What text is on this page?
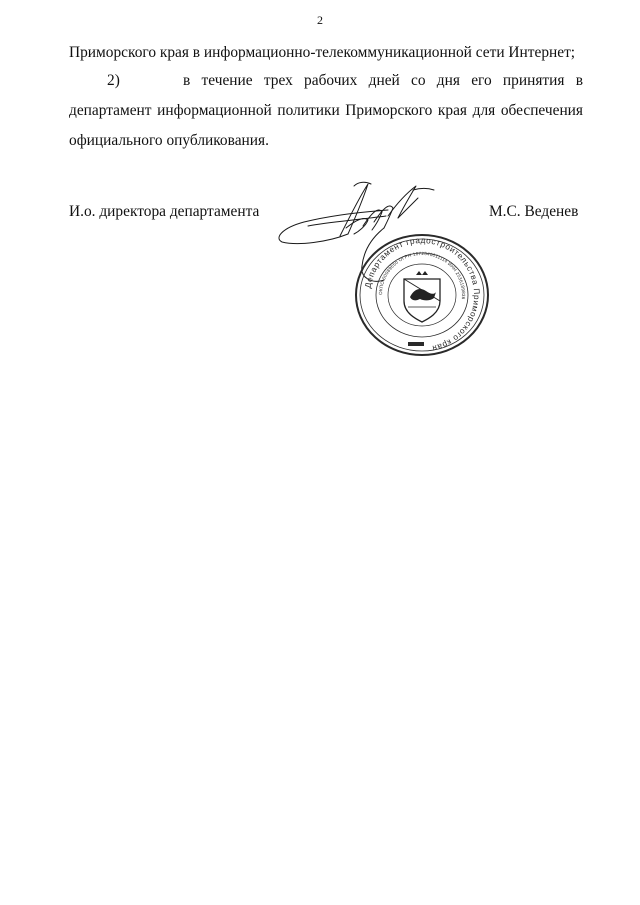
2

Приморского края в информационно-телекоммуникационной сети Интернет;

2)	в течение трех рабочих дней со дня его принятия в департамент информационной политики Приморского края для обеспечения официального опубликования.

И.о. директора департамента	М.С. Веденев
Департамент градостроительства Приморского края
ОКПО 00089650 ОГРН 1072540011114 ИНН 2536189836
